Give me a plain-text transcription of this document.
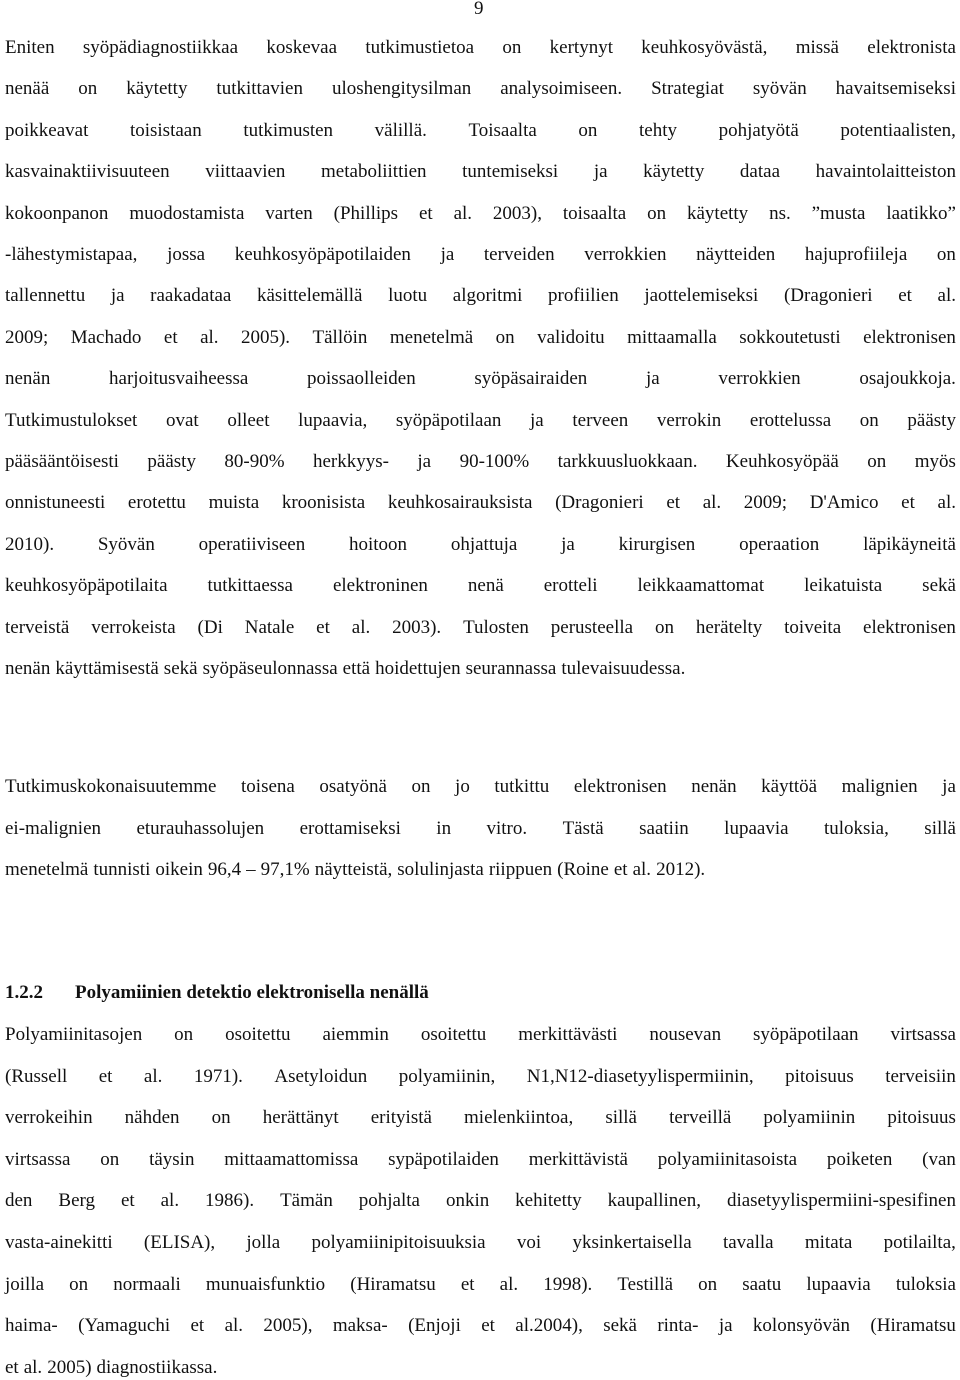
9
Eniten syöpädiagnostiikkaa koskevaa tutkimustietoa on kertynyt keuhkosyövästä, missä elektronista
nenää on käytetty tutkittavien uloshengitysilman analysoimiseen. Strategiat syövän havaitsemiseksi
poikkeavat toisistaan tutkimusten välillä. Toisaalta on tehty pohjatyötä potentiaalisten,
kasvainaktiivisuuteen viittaavien metaboliittien tuntemiseksi ja käytetty dataa havaintolaitteiston
kokoonpanon muodostamista varten (Phillips et al. 2003), toisaalta on käytetty ns. ”musta laatikko”
-lähestymistapaa, jossa keuhkosyöpäpotilaiden ja terveiden verrokkien näytteiden hajuprofiileja on
tallennettu ja raakadataa käsittelemällä luotu algoritmi profiilien jaottelemiseksi (Dragonieri et al.
2009; Machado et al. 2005). Tällöin menetelmä on validoitu mittaamalla sokkoutetusti elektronisen
nenän	harjoitusvaiheessa	poissaolleiden	syöpäsairaiden	ja	verrokkien	osajoukkoja.
Tutkimustulokset ovat olleet lupaavia, syöpäpotilaan ja terveen verrokin erottelussa on päästy
pääsääntöisesti päästy 80-90% herkkyys- ja 90-100% tarkkuusluokkaan. Keuhkosyöpää on myös
onnistuneesti erotettu muista kroonisista keuhkosairauksista (Dragonieri et al. 2009; D'Amico et al.
2010). Syövän operatiiviseen hoitoon ohjattuja ja kirurgisen operaation läpikäyneitä
keuhkosyöpäpotilaita tutkittaessa elektroninen nenä erotteli leikkaamattomat leikatuista sekä
terveistä verrokeista (Di Natale et al. 2003). Tulosten perusteella on herätelty toiveita elektronisen
nenän käyttämisestä sekä syöpäseulonnassa että hoidettujen seurannassa tulevaisuudessa.
Tutkimuskokonaisuutemme toisena osatyönä on jo tutkittu elektronisen nenän käyttöä malignien ja
ei-malignien eturauhassolujen erottamiseksi in vitro. Tästä saatiin lupaavia tuloksia, sillä
menetelmä tunnisti oikein 96,4 – 97,1% näytteistä, solulinjasta riippuen (Roine et al. 2012).
1.2.2 Polyamiinien detektio elektronisella nenällä
Polyamiinitasojen on osoitettu aiemmin osoitettu merkittävästi nousevan syöpäpotilaan virtsassa
(Russell et al. 1971). Asetyloidun polyamiinin, N1,N12-diasetyylispermiinin, pitoisuus terveisiin
verrokeihin nähden on herättänyt erityistä mielenkiintoa, sillä terveillä polyamiinin pitoisuus
virtsassa on täysin mittaamattomissa sypäpotilaiden merkittävistä polyamiinitasoista poiketen (van
den Berg et al. 1986). Tämän pohjalta onkin kehitetty kaupallinen, diasetyylispermiini-spesifinen
vasta-ainekitti (ELISA), jolla polyamiinipitoisuuksia voi yksinkertaisella tavalla mitata potilailta,
joilla on normaali munuaisfunktio (Hiramatsu et al. 1998). Testillä on saatu lupaavia tuloksia
haima- (Yamaguchi et al. 2005), maksa- (Enjoji et al.2004), sekä rinta- ja kolonsyövän (Hiramatsu
et al. 2005) diagnostiikassa.
